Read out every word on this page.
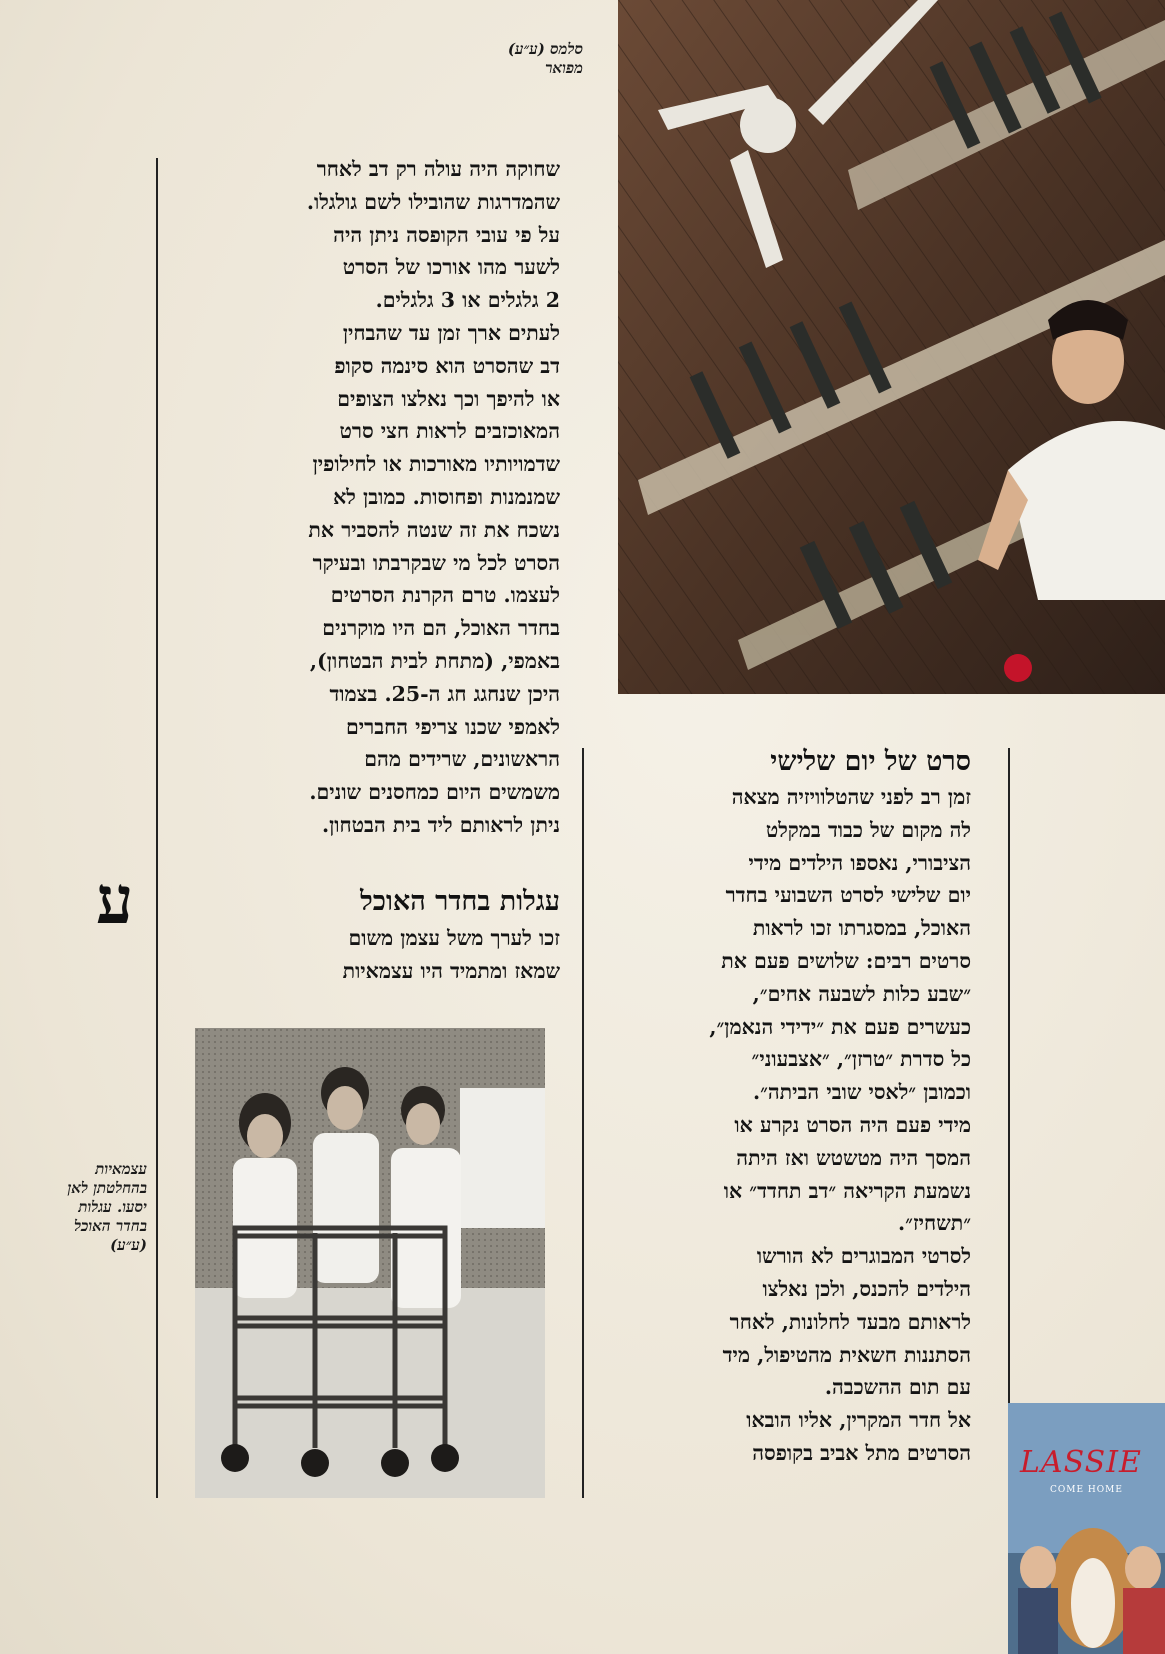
סלמס (ע״ע)
מפואר
שחוקה היה עולה רק דב לאחר
שהמדרגות שהובילו לשם גולגלו.
על פי עובי הקופסה ניתן היה
לשער מהו אורכו של הסרט
2 גלגלים או 3 גלגלים.
לעתים ארך זמן עד שהבחין
דב שהסרט הוא סינמה סקופ
או להיפך וכך נאלצו הצופים
המאוכזבים לראות חצי סרט
שדמויותיו מאורכות או לחילופין
שמנמנות ופחוסות. כמובן לא
נשכח את זה שנטה להסביר את
הסרט לכל מי שבקרבתו ובעיקר
לעצמו. טרם הקרנת הסרטים
בחדר האוכל, הם היו מוקרנים
באמפי, (מתחת לבית הבטחון),
היכן שנחגג חג ה-25. בצמוד
לאמפי שכנו צריפי החברים
הראשונים, שרידים מהם
משמשים היום כמחסנים שונים.
ניתן לראותם ליד בית הבטחון.
ע	עגלות בחדר האוכל
זכו לערך משל עצמן משום
שמאז ומתמיד היו עצמאיות
עצמאיות
בהחלטתן לאן
יסעו. עגלות
בחדר האוכל
(ע״ע)
סרט של יום שלישי
זמן רב לפני שהטלוויזיה מצאה
לה מקום של כבוד במקלט
הציבורי, נאספו הילדים מידי
יום שלישי לסרט השבועי בחדר
האוכל, במסגרתו זכו לראות
סרטים רבים: שלושים פעם את
״שבע כלות לשבעה אחים״,
כעשרים פעם את ״ידידי הנאמן״,
כל סדרת ״טרזן״, ״אצבעוני״
וכמובן ״לאסי שובי הביתה״.
מידי פעם היה הסרט נקרע או
המסך היה מטשטש ואז היתה
נשמעת הקריאה ״דב תחדד״ או
״תשחיז״.
לסרטי המבוגרים לא הורשו
הילדים להכנס, ולכן נאלצו
לראותם מבעד לחלונות, לאחר
הסתננות חשאית מהטיפול, מיד
עם תום ההשכבה.
אל חדר המקרין, אליו הובאו
הסרטים מתל אביב בקופסה LASSIE
COME HOME
